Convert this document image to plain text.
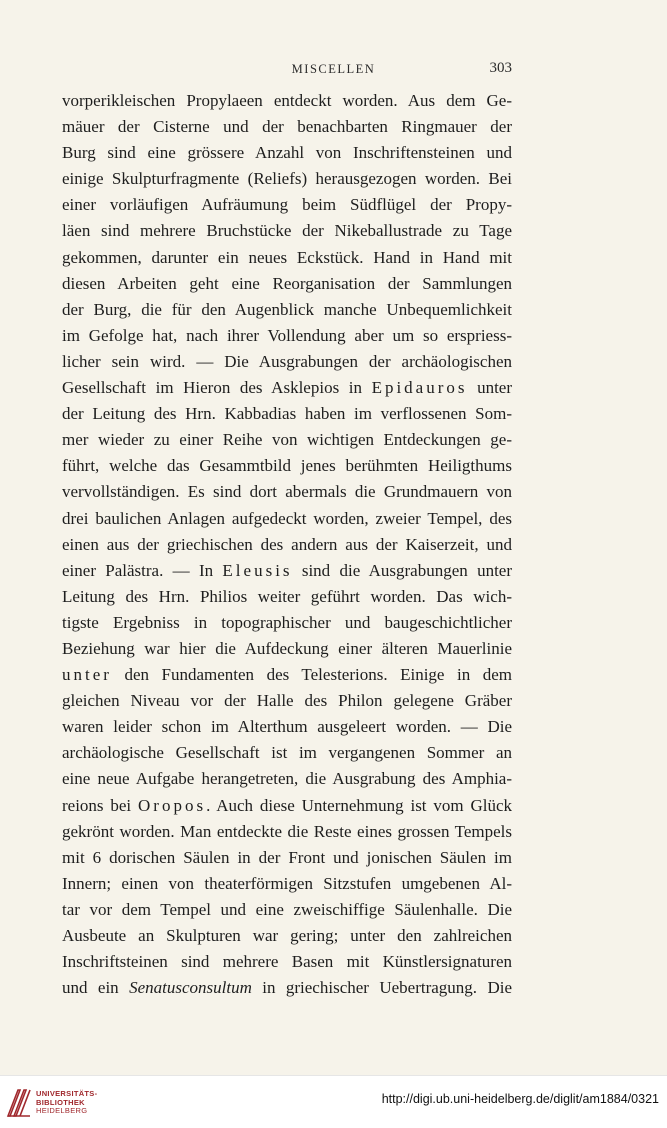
MISCELLEN	303
vorperikleischen Propylaeen entdeckt worden. Aus dem Ge-
mäuer der Cisterne und der benachbarten Ringmauer der
Burg sind eine grössere Anzahl von Inschriftensteinen und
einige Skulpturfragmente (Reliefs) herausgezogen worden. Bei
einer vorläufigen Aufräumung beim Südflügel der Propy-
läen sind mehrere Bruchstücke der Nikeballustrade zu Tage
gekommen, darunter ein neues Eckstück. Hand in Hand mit
diesen Arbeiten geht eine Reorganisation der Sammlungen
der Burg, die für den Augenblick manche Unbequemlichkeit
im Gefolge hat, nach ihrer Vollendung aber um so erspriess-
licher sein wird. — Die Ausgrabungen der archäologischen
Gesellschaft im Hieron des Asklepios in Epidauros unter
der Leitung des Hrn. Kabbadias haben im verflossenen Som-
mer wieder zu einer Reihe von wichtigen Entdeckungen ge-
führt, welche das Gesammtbild jenes berühmten Heiligthums
vervollständigen. Es sind dort abermals die Grundmauern von
drei baulichen Anlagen aufgedeckt worden, zweier Tempel, des
einen aus der griechischen des andern aus der Kaiserzeit, und
einer Palästra. — In Eleusis sind die Ausgrabungen unter
Leitung des Hrn. Philios weiter geführt worden. Das wich-
tigste Ergebniss in topographischer und baugeschichtlicher
Beziehung war hier die Aufdeckung einer älteren Mauerlinie
unter den Fundamenten des Telesterions. Einige in dem
gleichen Niveau vor der Halle des Philon gelegene Gräber
waren leider schon im Alterthum ausgeleert worden. — Die
archäologische Gesellschaft ist im vergangenen Sommer an
eine neue Aufgabe herangetreten, die Ausgrabung des Amphia-
reions bei Oropos. Auch diese Unternehmung ist vom Glück
gekrönt worden. Man entdeckte die Reste eines grossen Tempels
mit 6 dorischen Säulen in der Front und jonischen Säulen im
Innern; einen von theaterförmigen Sitzstufen umgebenen Al-
tar vor dem Tempel und eine zweischiffige Säulenhalle. Die
Ausbeute an Skulpturen war gering; unter den zahlreichen
Inschriftsteinen sind mehrere Basen mit Künstlersignaturen
und ein Senatusconsultum in griechischer Uebertragung. Die
UNIVERSITÄTS-
BIBLIOTHEK
HEIDELBERG
http://digi.ub.uni-heidelberg.de/diglit/am1884/0321
